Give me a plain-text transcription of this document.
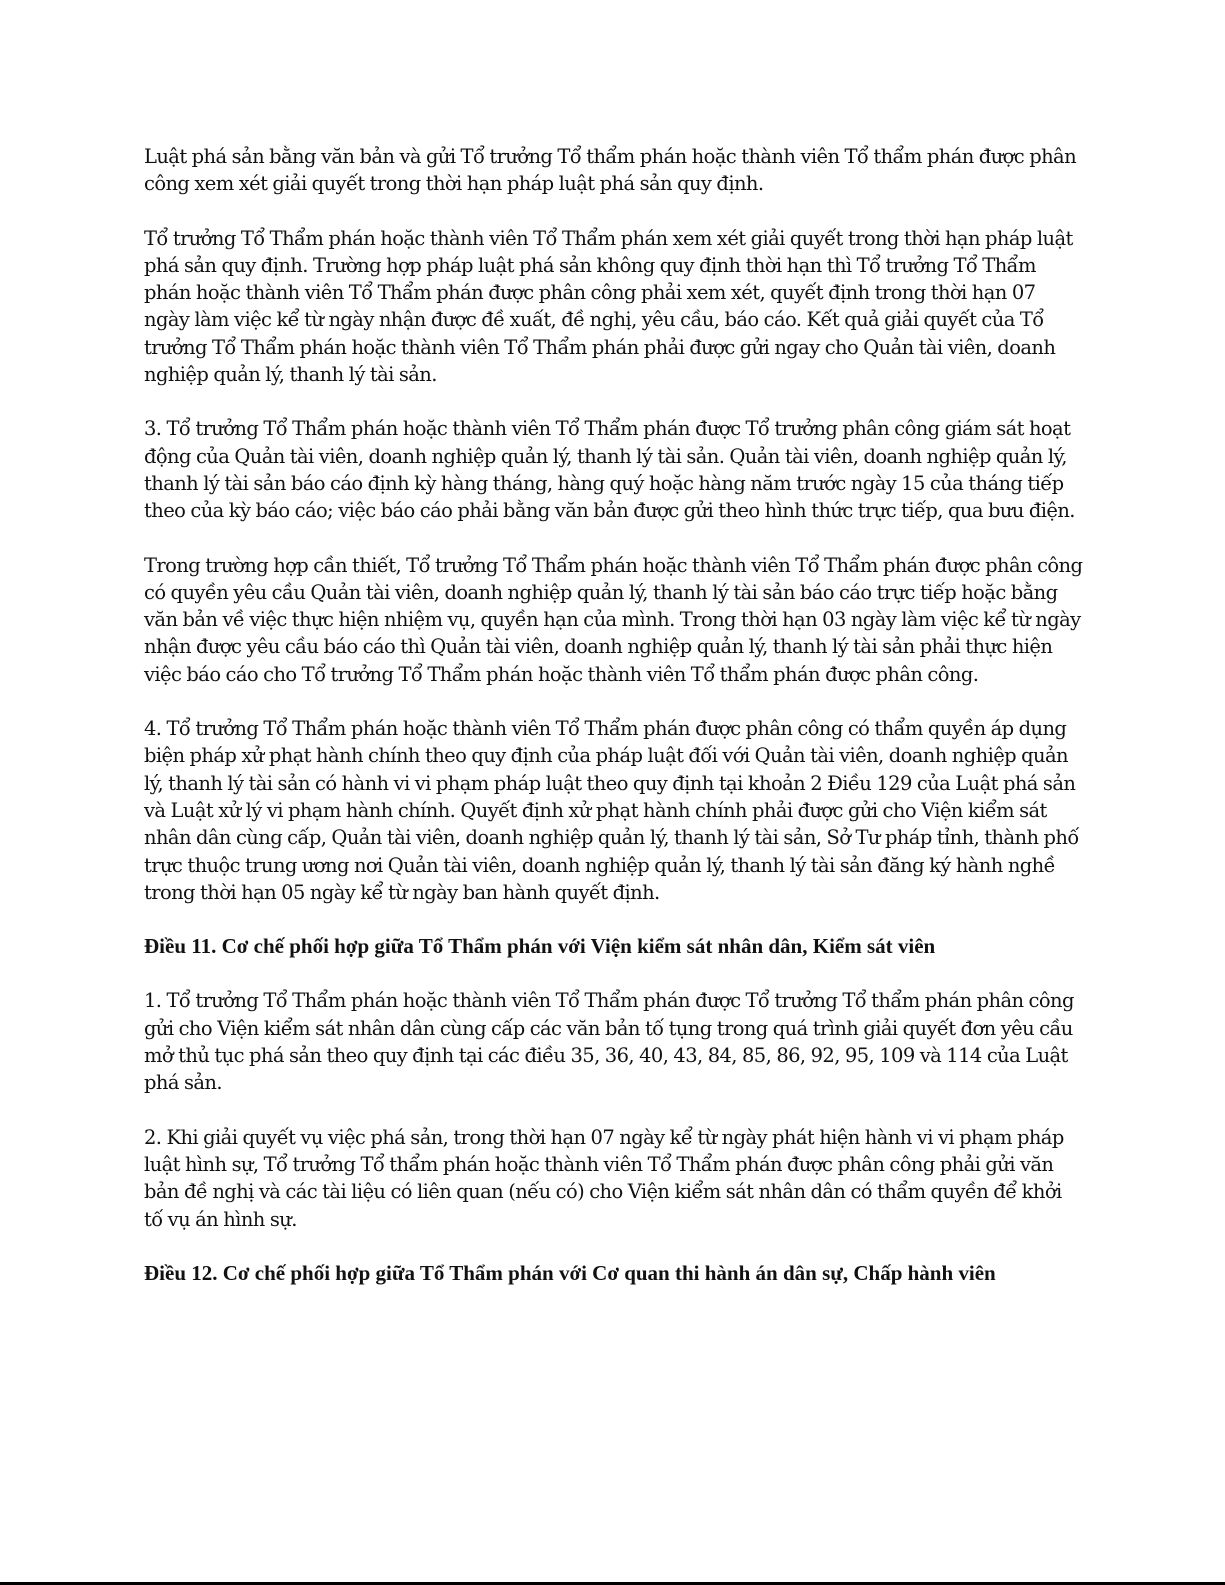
Luật phá sản bằng văn bản và gửi Tổ trưởng Tổ thẩm phán hoặc thành viên Tổ thẩm phán được phân công xem xét giải quyết trong thời hạn pháp luật phá sản quy định.

Tổ trưởng Tổ Thẩm phán hoặc thành viên Tổ Thẩm phán xem xét giải quyết trong thời hạn pháp luật phá sản quy định. Trường hợp pháp luật phá sản không quy định thời hạn thì Tổ trưởng Tổ Thẩm phán hoặc thành viên Tổ Thẩm phán được phân công phải xem xét, quyết định trong thời hạn 07 ngày làm việc kể từ ngày nhận được đề xuất, đề nghị, yêu cầu, báo cáo. Kết quả giải quyết của Tổ trưởng Tổ Thẩm phán hoặc thành viên Tổ Thẩm phán phải được gửi ngay cho Quản tài viên, doanh nghiệp quản lý, thanh lý tài sản.

3. Tổ trưởng Tổ Thẩm phán hoặc thành viên Tổ Thẩm phán được Tổ trưởng phân công giám sát hoạt động của Quản tài viên, doanh nghiệp quản lý, thanh lý tài sản. Quản tài viên, doanh nghiệp quản lý, thanh lý tài sản báo cáo định kỳ hàng tháng, hàng quý hoặc hàng năm trước ngày 15 của tháng tiếp theo của kỳ báo cáo; việc báo cáo phải bằng văn bản được gửi theo hình thức trực tiếp, qua bưu điện.

Trong trường hợp cần thiết, Tổ trưởng Tổ Thẩm phán hoặc thành viên Tổ Thẩm phán được phân công có quyền yêu cầu Quản tài viên, doanh nghiệp quản lý, thanh lý tài sản báo cáo trực tiếp hoặc bằng văn bản về việc thực hiện nhiệm vụ, quyền hạn của mình. Trong thời hạn 03 ngày làm việc kể từ ngày nhận được yêu cầu báo cáo thì Quản tài viên, doanh nghiệp quản lý, thanh lý tài sản phải thực hiện việc báo cáo cho Tổ trưởng Tổ Thẩm phán hoặc thành viên Tổ thẩm phán được phân công.

4. Tổ trưởng Tổ Thẩm phán hoặc thành viên Tổ Thẩm phán được phân công có thẩm quyền áp dụng biện pháp xử phạt hành chính theo quy định của pháp luật đối với Quản tài viên, doanh nghiệp quản lý, thanh lý tài sản có hành vi vi phạm pháp luật theo quy định tại khoản 2 Điều 129 của Luật phá sản và Luật xử lý vi phạm hành chính. Quyết định xử phạt hành chính phải được gửi cho Viện kiểm sát nhân dân cùng cấp, Quản tài viên, doanh nghiệp quản lý, thanh lý tài sản, Sở Tư pháp tỉnh, thành phố trực thuộc trung ương nơi Quản tài viên, doanh nghiệp quản lý, thanh lý tài sản đăng ký hành nghề trong thời hạn 05 ngày kể từ ngày ban hành quyết định.

Điều 11. Cơ chế phối hợp giữa Tổ Thẩm phán với Viện kiểm sát nhân dân, Kiểm sát viên

1. Tổ trưởng Tổ Thẩm phán hoặc thành viên Tổ Thẩm phán được Tổ trưởng Tổ thẩm phán phân công gửi cho Viện kiểm sát nhân dân cùng cấp các văn bản tố tụng trong quá trình giải quyết đơn yêu cầu mở thủ tục phá sản theo quy định tại các điều 35, 36, 40, 43, 84, 85, 86, 92, 95, 109 và 114 của Luật phá sản.

2. Khi giải quyết vụ việc phá sản, trong thời hạn 07 ngày kể từ ngày phát hiện hành vi vi phạm pháp luật hình sự, Tổ trưởng Tổ thẩm phán hoặc thành viên Tổ Thẩm phán được phân công phải gửi văn bản đề nghị và các tài liệu có liên quan (nếu có) cho Viện kiểm sát nhân dân có thẩm quyền để khởi tố vụ án hình sự.

Điều 12. Cơ chế phối hợp giữa Tổ Thẩm phán với Cơ quan thi hành án dân sự, Chấp hành viên
